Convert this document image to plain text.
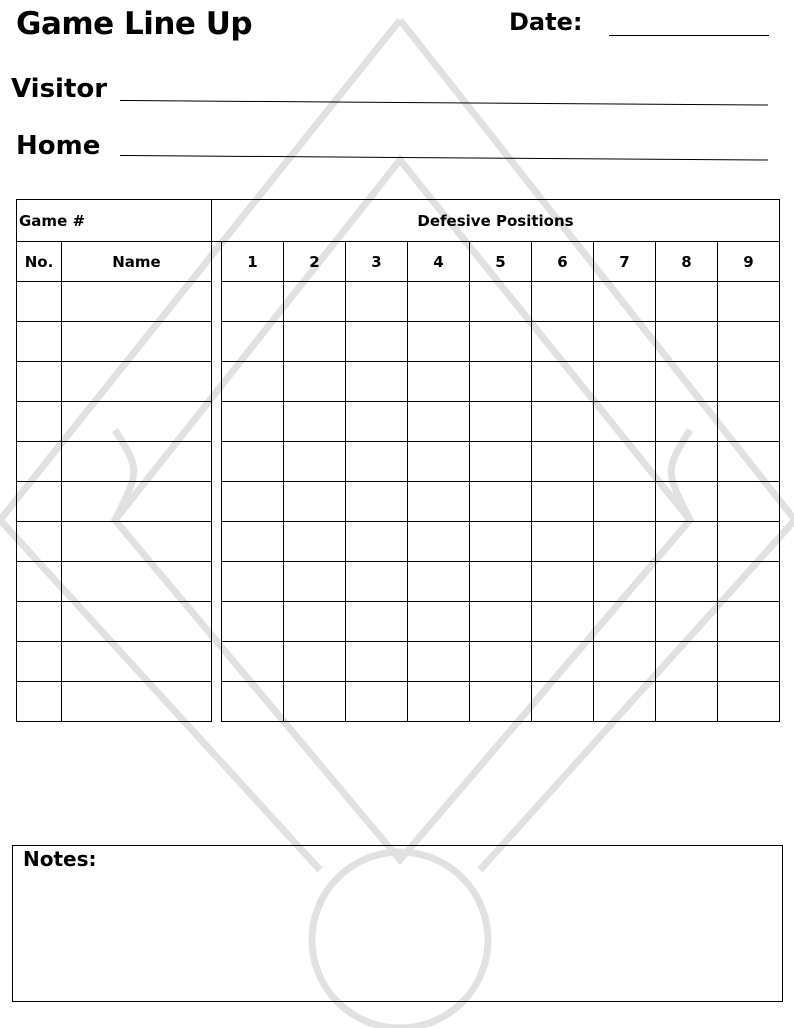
Game Line Up	Date:
Visitor
Home
Game #		Defesive Positions									
No.	Name		1	2	3	4	5	6	7	8	9

Notes:
